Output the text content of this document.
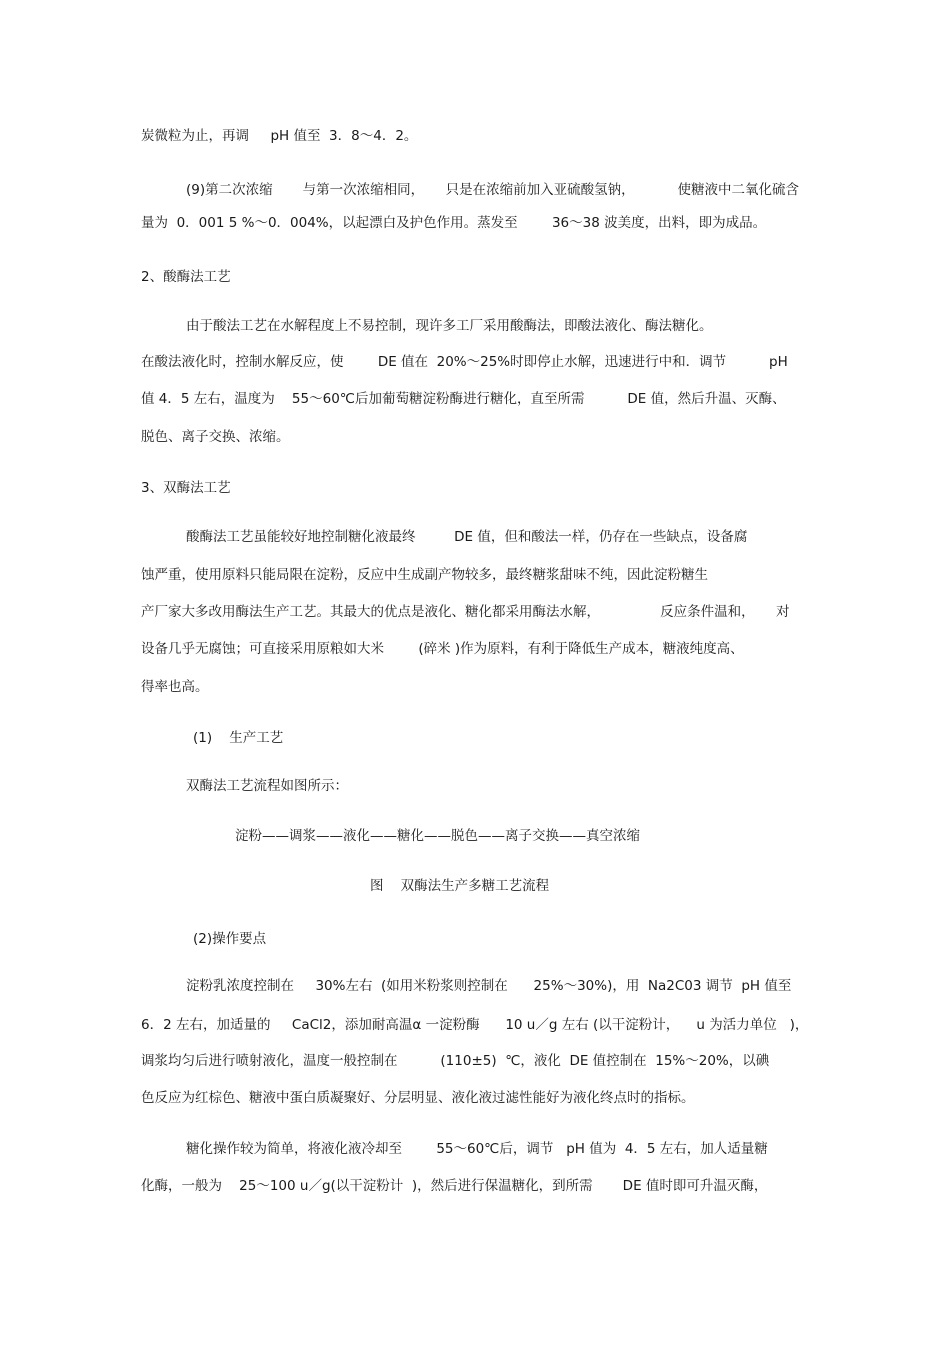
炭微粒为止，再调     pH 值至  3．8～4．2。
(9)第二次浓缩       与第一次浓缩相同，     只是在浓缩前加入亚硫酸氢钠，          使糖液中二氧化硫含
量为  0．001 5 %～0．004%，以起漂白及护色作用。蒸发至        36～38 波美度，出料，即为成品。
2、酸酶法工艺
由于酸法工艺在水解程度上不易控制，现许多工厂采用酸酶法，即酸法液化、酶法糖化。
在酸法液化时，控制水解反应，使        DE 值在  20%～25%时即停止水解，迅速进行中和．调节          pH
值 4．5 左右，温度为    55～60℃后加葡萄糖淀粉酶进行糖化，直至所需          DE 值，然后升温、灭酶、
脱色、离子交换、浓缩。
3、双酶法工艺
酸酶法工艺虽能较好地控制糖化液最终         DE 值，但和酸法一样，仍存在一些缺点，设备腐
蚀严重，使用原料只能局限在淀粉，反应中生成副产物较多，最终糖浆甜味不纯，因此淀粉糖生
产厂家大多改用酶法生产工艺。其最大的优点是液化、糖化都采用酶法水解，              反应条件温和，     对
设备几乎无腐蚀；可直接采用原粮如大米        (碎米 )作为原料，有利于降低生产成本，糖液纯度高、
得率也高。
(1)    生产工艺
双酶法工艺流程如图所示：
淀粉——调浆——液化——糖化——脱色——离子交换——真空浓缩
图    双酶法生产多糖工艺流程
(2)操作要点
淀粉乳浓度控制在     30%左右  (如用米粉浆则控制在      25%～30%)，用  Na2C03 调节  pH 值至
6．2 左右，加适量的     CaCl2，添加耐高温α 一淀粉酶      10 u／g 左右 (以干淀粉计，    u 为活力单位   )，
调浆均匀后进行喷射液化，温度一般控制在          (110±5)  ℃，液化  DE 值控制在  15%～20%，以碘
色反应为红棕色、糖液中蛋白质凝聚好、分层明显、液化液过滤性能好为液化终点时的指标。
糖化操作较为简单，将液化液冷却至        55～60℃后，调节   pH 值为  4．5 左右，加人适量糖
化酶，一般为    25～100 u／g(以干淀粉计  )，然后进行保温糖化，到所需       DE 值时即可升温灭酶，
